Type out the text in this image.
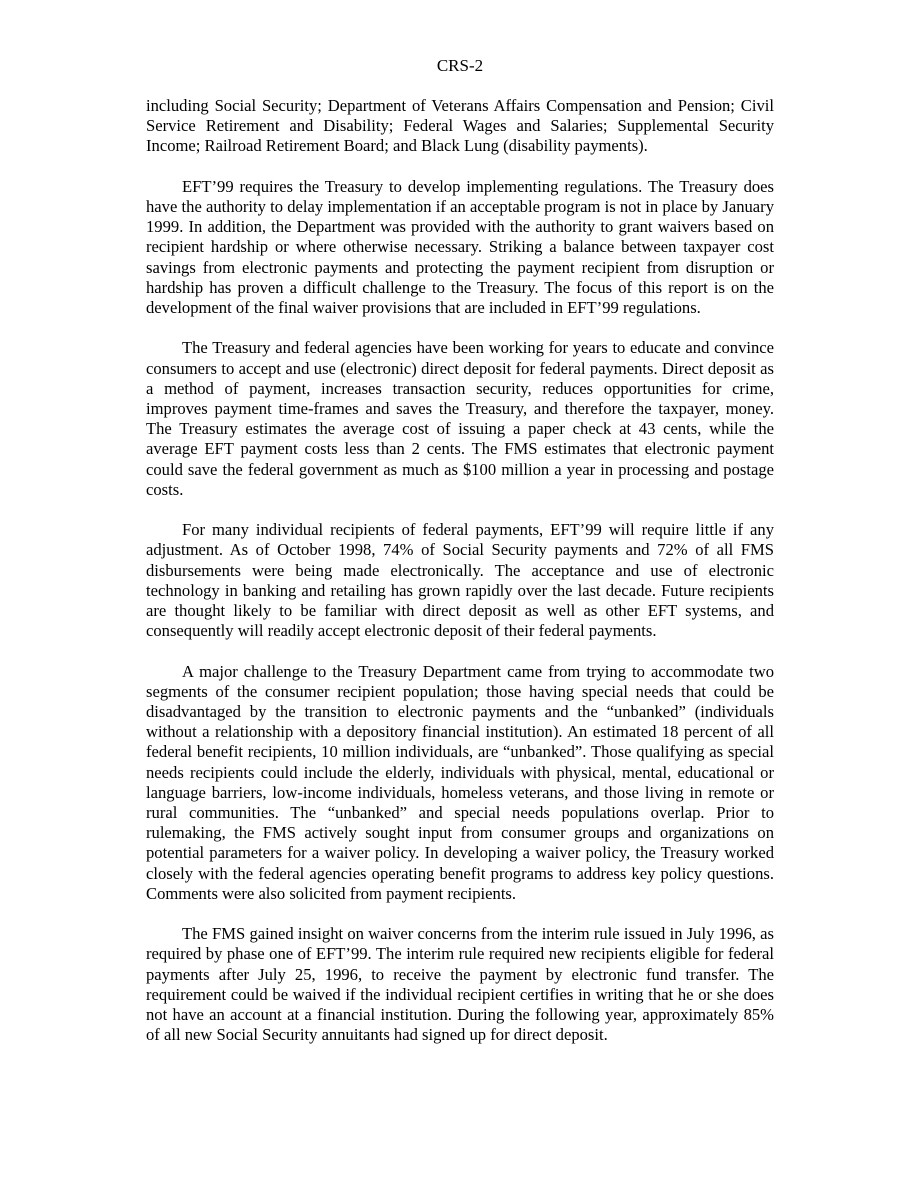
CRS-2

including Social Security; Department of Veterans Affairs Compensation and Pension; Civil Service Retirement and Disability; Federal Wages and Salaries; Supplemental Security Income; Railroad Retirement Board; and Black Lung (disability payments).

EFT’99 requires the Treasury to develop implementing regulations. The Treasury does have the authority to delay implementation if an acceptable program is not in place by January 1999. In addition, the Department was provided with the authority to grant waivers based on recipient hardship or where otherwise necessary. Striking a balance between taxpayer cost savings from electronic payments and protecting the payment recipient from disruption or hardship has proven a difficult challenge to the Treasury. The focus of this report is on the development of the final waiver provisions that are included in EFT’99 regulations.

The Treasury and federal agencies have been working for years to educate and convince consumers to accept and use (electronic) direct deposit for federal payments. Direct deposit as a method of payment, increases transaction security, reduces opportunities for crime, improves payment time-frames and saves the Treasury, and therefore the taxpayer, money. The Treasury estimates the average cost of issuing a paper check at 43 cents, while the average EFT payment costs less than 2 cents. The FMS estimates that electronic payment could save the federal government as much as $100 million a year in processing and postage costs.

For many individual recipients of federal payments, EFT’99 will require little if any adjustment. As of October 1998, 74% of Social Security payments and 72% of all FMS disbursements were being made electronically. The acceptance and use of electronic technology in banking and retailing has grown rapidly over the last decade. Future recipients are thought likely to be familiar with direct deposit as well as other EFT systems, and consequently will readily accept electronic deposit of their federal payments.

A major challenge to the Treasury Department came from trying to accommodate two segments of the consumer recipient population; those having special needs that could be disadvantaged by the transition to electronic payments and the “unbanked” (individuals without a relationship with a depository financial institution). An estimated 18 percent of all federal benefit recipients, 10 million individuals, are “unbanked”. Those qualifying as special needs recipients could include the elderly, individuals with physical, mental, educational or language barriers, low-income individuals, homeless veterans, and those living in remote or rural communities. The “unbanked” and special needs populations overlap. Prior to rulemaking, the FMS actively sought input from consumer groups and organizations on potential parameters for a waiver policy. In developing a waiver policy, the Treasury worked closely with the federal agencies operating benefit programs to address key policy questions. Comments were also solicited from payment recipients.

The FMS gained insight on waiver concerns from the interim rule issued in July 1996, as required by phase one of EFT’99. The interim rule required new recipients eligible for federal payments after July 25, 1996, to receive the payment by electronic fund transfer. The requirement could be waived if the individual recipient certifies in writing that he or she does not have an account at a financial institution. During the following year, approximately 85% of all new Social Security annuitants had signed up for direct deposit.
